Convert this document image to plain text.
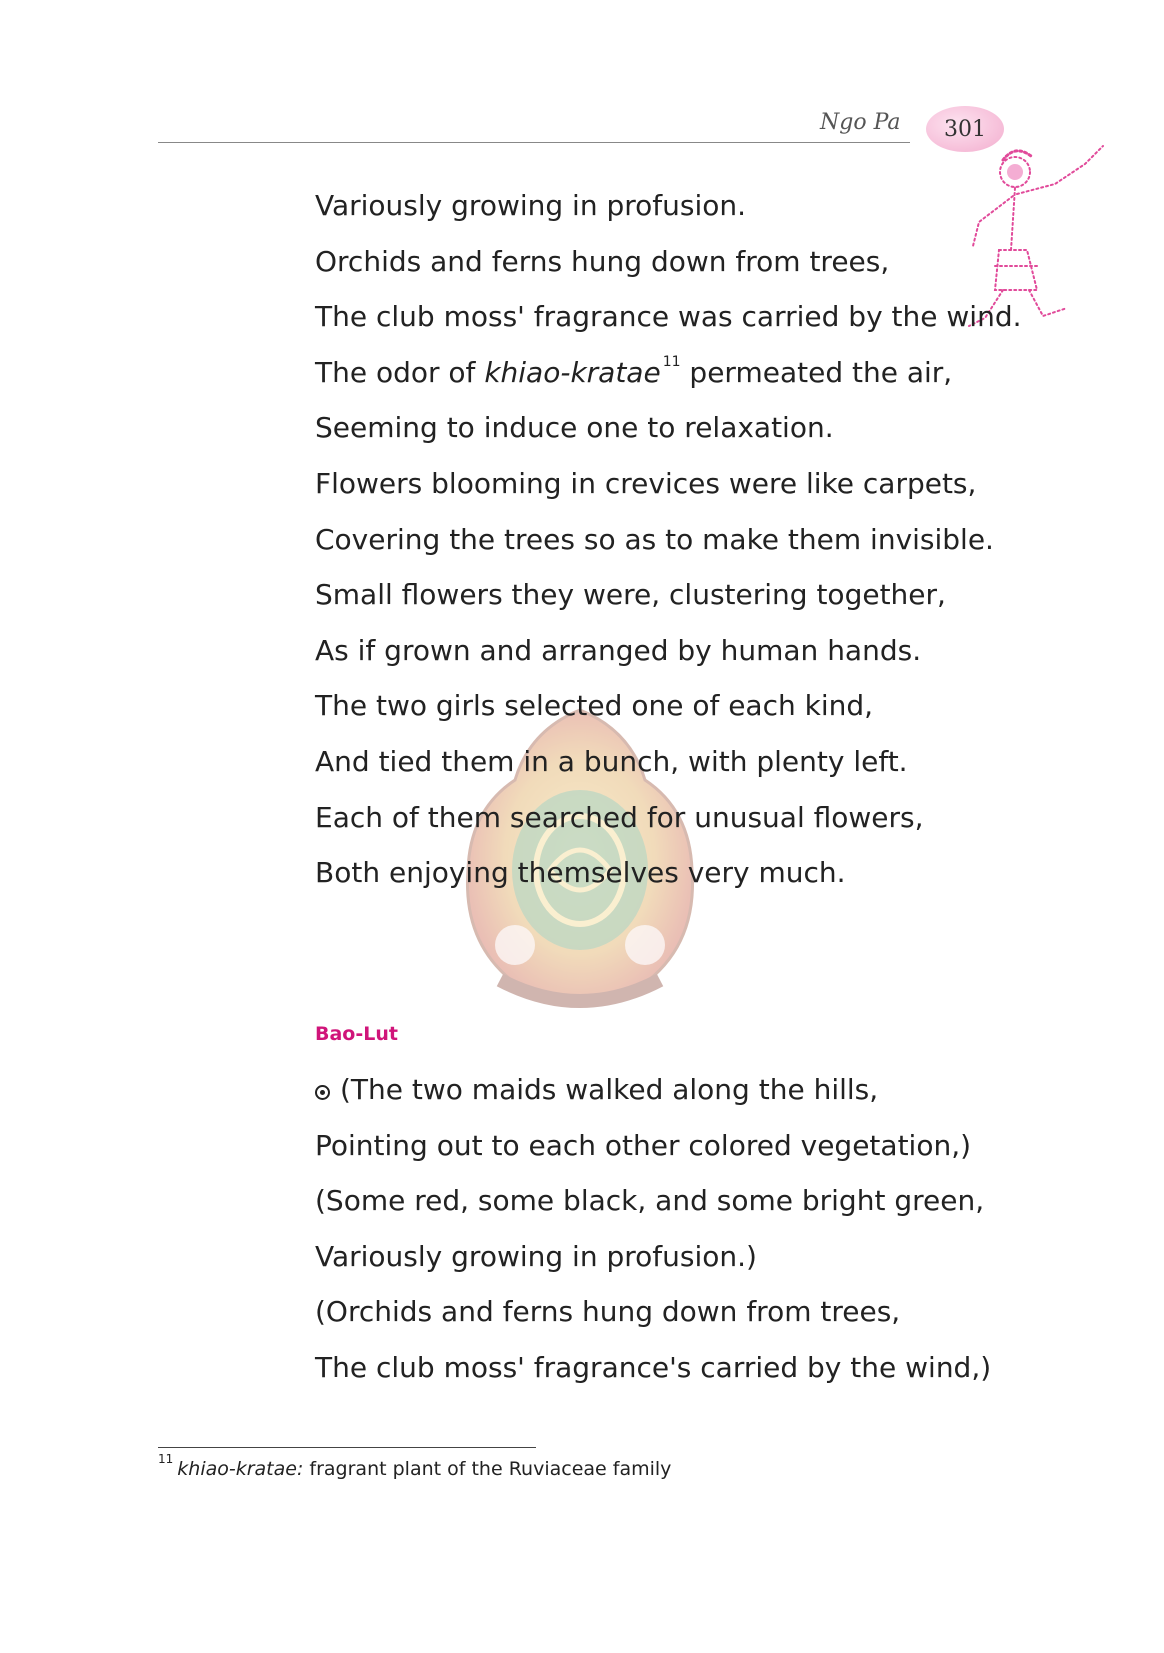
Ngo Pa 301
Variously growing in profusion.
Orchids and ferns hung down from trees,
The club moss' fragrance was carried by the wind.
The odor of khiao-kratae $^{11}$ permeated the air,
Seeming to induce one to relaxation.
Flowers blooming in crevices were like carpets,
Covering the trees so as to make them invisible.
Small flowers they were, clustering together,
As if grown and arranged by human hands.
The two girls selected one of each kind,
And tied them in a bunch, with plenty left.
Each of them searched for unusual flowers,
Both enjoying themselves very much.
Bao-Lut
(The two maids walked along the hills,
Pointing out to each other colored vegetation,)
(Some red, some black, and some bright green,
Variously growing in profusion.)
(Orchids and ferns hung down from trees,
The club moss' fragrance's carried by the wind,)
$^{11}$ khiao-kratae: fragrant plant of the Ruviaceae family
